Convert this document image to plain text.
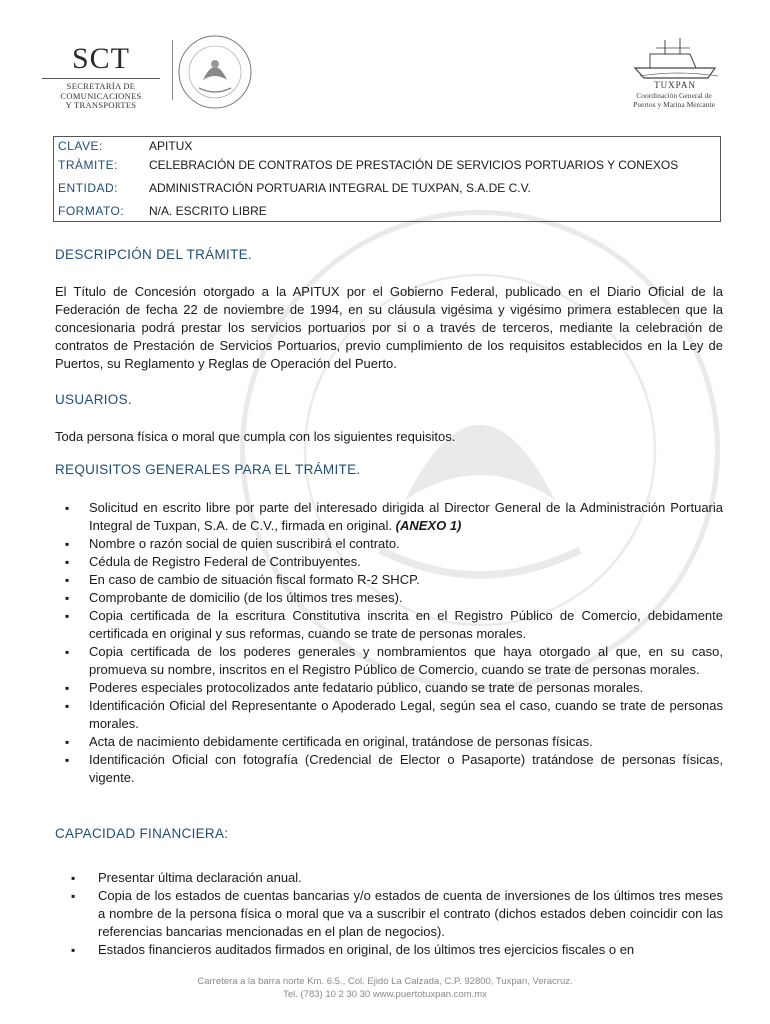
SCT
SECRETARÍA DE
COMUNICACIONES
Y TRANSPORTES
TUXPAN
Coordinación General de
Puertos y Marina Mercante
CLAVE:	APITUX
TRÀMITE:	CELEBRACIÓN DE CONTRATOS DE PRESTACIÓN DE SERVICIOS PORTUARIOS Y CONEXOS
ENTIDAD:	ADMINISTRACIÓN PORTUARIA INTEGRAL DE TUXPAN, S.A.DE C.V.
FORMATO: N/A. ESCRITO LIBRE
DESCRIPCIÓN DEL TRÁMITE.

El Título de Concesión otorgado a la APITUX por el Gobierno Federal, publicado en el Diario Oficial de la Federación de fecha 22 de noviembre de 1994, en su cláusula vigésima y vigésimo primera establecen que la concesionaria podrá prestar los servicios portuarios por si o a través de terceros, mediante la celebración de contratos de Prestación de Servicios Portuarios, previo cumplimiento de los requisitos establecidos en la Ley de Puertos, su Reglamento y Reglas de Operación del Puerto.

USUARIOS.

Toda persona física o moral que cumpla con los siguientes requisitos.

REQUISITOS GENERALES PARA EL TRÁMITE.
▪ Solicitud en escrito libre por parte del interesado dirigida al Director General de la Administración Portuaria Integral de Tuxpan, S.A. de C.V., firmada en original. (ANEXO 1)
▪ Nombre o razón social de quien suscribirá el contrato.
▪ Cédula de Registro Federal de Contribuyentes.
▪ En caso de cambio de situación fiscal formato R-2 SHCP.
▪ Comprobante de domicilio (de los últimos tres meses).
▪ Copia certificada de la escritura Constitutiva inscrita en el Registro Público de Comercio, debidamente certificada en original y sus reformas, cuando se trate de personas morales.
▪ Copia certificada de los poderes generales y nombramientos que haya otorgado al que, en su caso, promueva su nombre, inscritos en el Registro Público de Comercio, cuando se trate de personas morales.
▪ Poderes especiales protocolizados ante fedatario público, cuando se trate de personas morales.
▪ Identificación Oficial del Representante o Apoderado Legal, según sea el caso, cuando se trate de personas morales.
▪ Acta de nacimiento debidamente certificada en original, tratándose de personas físicas.
▪ Identificación Oficial con fotografía (Credencial de Elector o Pasaporte) tratándose de personas físicas, vigente.
CAPACIDAD FINANCIERA:
▪ Presentar última declaración anual.
▪ Copia de los estados de cuentas bancarias y/o estados de cuenta de inversiones de los últimos tres meses a nombre de la persona física o moral que va a suscribir el contrato (dichos estados deben coincidir con las referencias bancarias mencionadas en el plan de negocios).
▪ Estados financieros auditados firmados en original, de los últimos tres ejercicios fiscales o en
Carretera a la barra norte Km. 6.5., Col. Ejido La Calzada, C.P. 92800, Tuxpan, Veracruz.
Tel. (783) 10 2 30 30 www.puertotuxpan.com.mx
